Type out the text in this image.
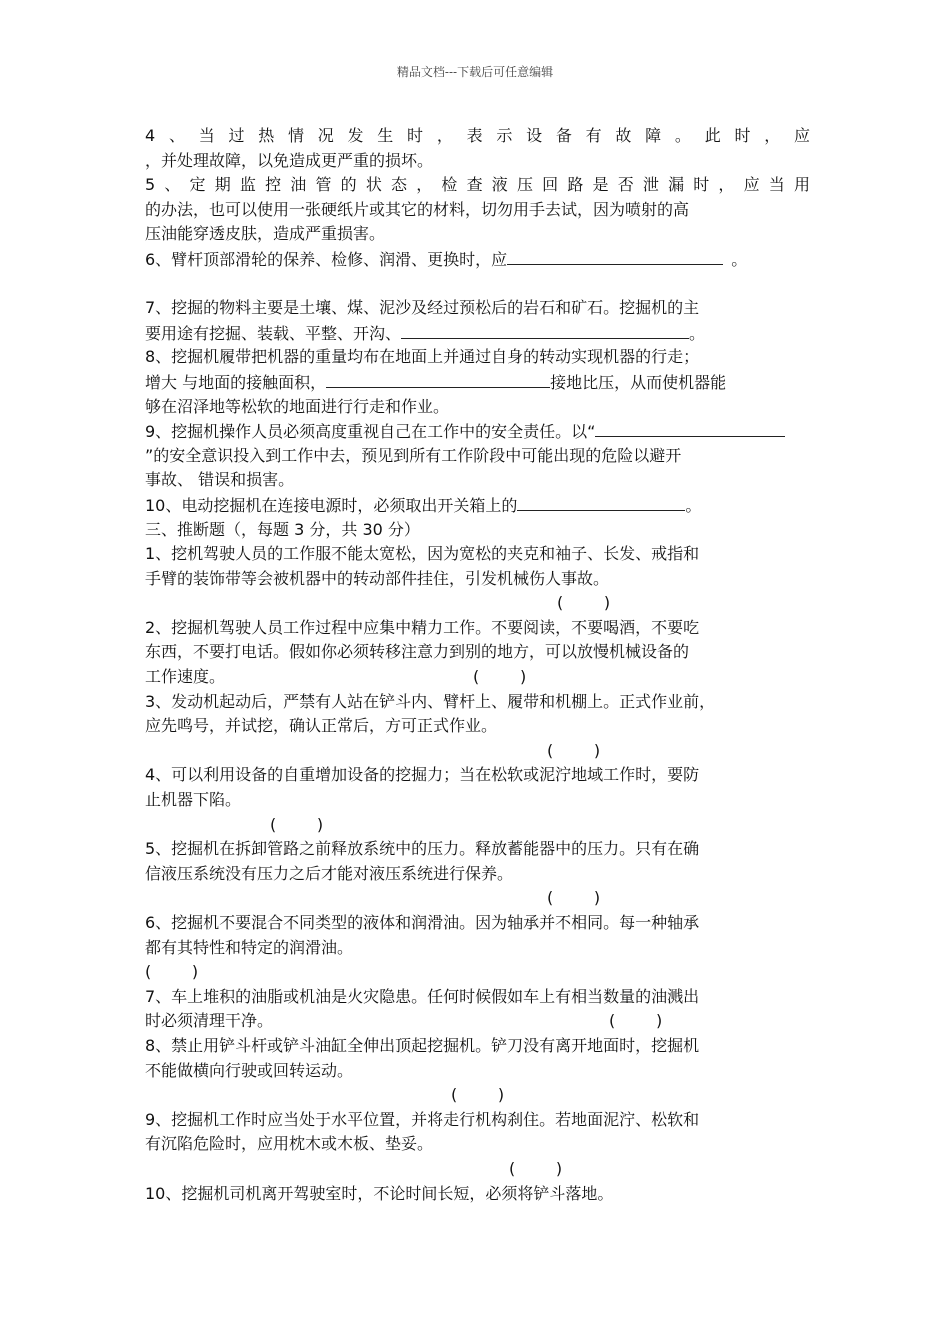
精品文档---下载后可任意编辑
4、当过热情况发生时，表示设备有故障。此时，应
，并处理故障，以免造成更严重的损坏。
5、定期监控油管的状态，检查液压回路是否泄漏时，应当用
的办法，也可以使用一张硬纸片或其它的材料，切勿用手去试，因为喷射的高
压油能穿透皮肤，造成严重损害。
6、臂杆顶部滑轮的保养、检修、润滑、更换时，应	。
7、挖掘的物料主要是土壤、煤、泥沙及经过预松后的岩石和矿石。挖掘机的主
要用途有挖掘、装载、平整、开沟、	。
8、挖掘机履带把机器的重量均布在地面上并通过自身的转动实现机器的行走；
增大 与地面的接触面积，	接地比压，从而使机器能
够在沼泽地等松软的地面进行行走和作业。
9、挖掘机操作人员必须高度重视自己在工作中的安全责任。以“
”的安全意识投入到工作中去，预见到所有工作阶段中可能出现的危险以避开
事故、 错误和损害。
10、电动挖掘机在连接电源时，必须取出开关箱上的	。
三、推断题（，每题 3 分，共 30 分）
1、挖机驾驶人员的工作服不能太宽松，因为宽松的夹克和袖子、长发、戒指和
手臂的装饰带等会被机器中的转动部件挂住，引发机械伤人事故。
(        )
2、挖掘机驾驶人员工作过程中应集中精力工作。不要阅读，不要喝酒，不要吃
东西，不要打电话。假如你必须转移注意力到别的地方，可以放慢机械设备的
工作速度。	(        )
3、发动机起动后，严禁有人站在铲斗内、臂杆上、履带和机棚上。正式作业前，
应先鸣号，并试挖，确认正常后，方可正式作业。
(        )
4、可以利用设备的自重增加设备的挖掘力；当在松软或泥泞地域工作时，要防
止机器下陷。
(        )
5、挖掘机在拆卸管路之前释放系统中的压力。释放蓄能器中的压力。只有在确
信液压系统没有压力之后才能对液压系统进行保养。
(        )
6、挖掘机不要混合不同类型的液体和润滑油。因为轴承并不相同。每一种轴承
都有其特性和特定的润滑油。
(        )
7、车上堆积的油脂或机油是火灾隐患。任何时候假如车上有相当数量的油溅出
时必须清理干净。	(        )
8、禁止用铲斗杆或铲斗油缸全伸出顶起挖掘机。铲刀没有离开地面时，挖掘机
不能做横向行驶或回转运动。
(        )
9、挖掘机工作时应当处于水平位置，并将走行机构刹住。若地面泥泞、松软和
有沉陷危险时，应用枕木或木板、垫妥。
(        )
10、挖掘机司机离开驾驶室时，不论时间长短，必须将铲斗落地。
